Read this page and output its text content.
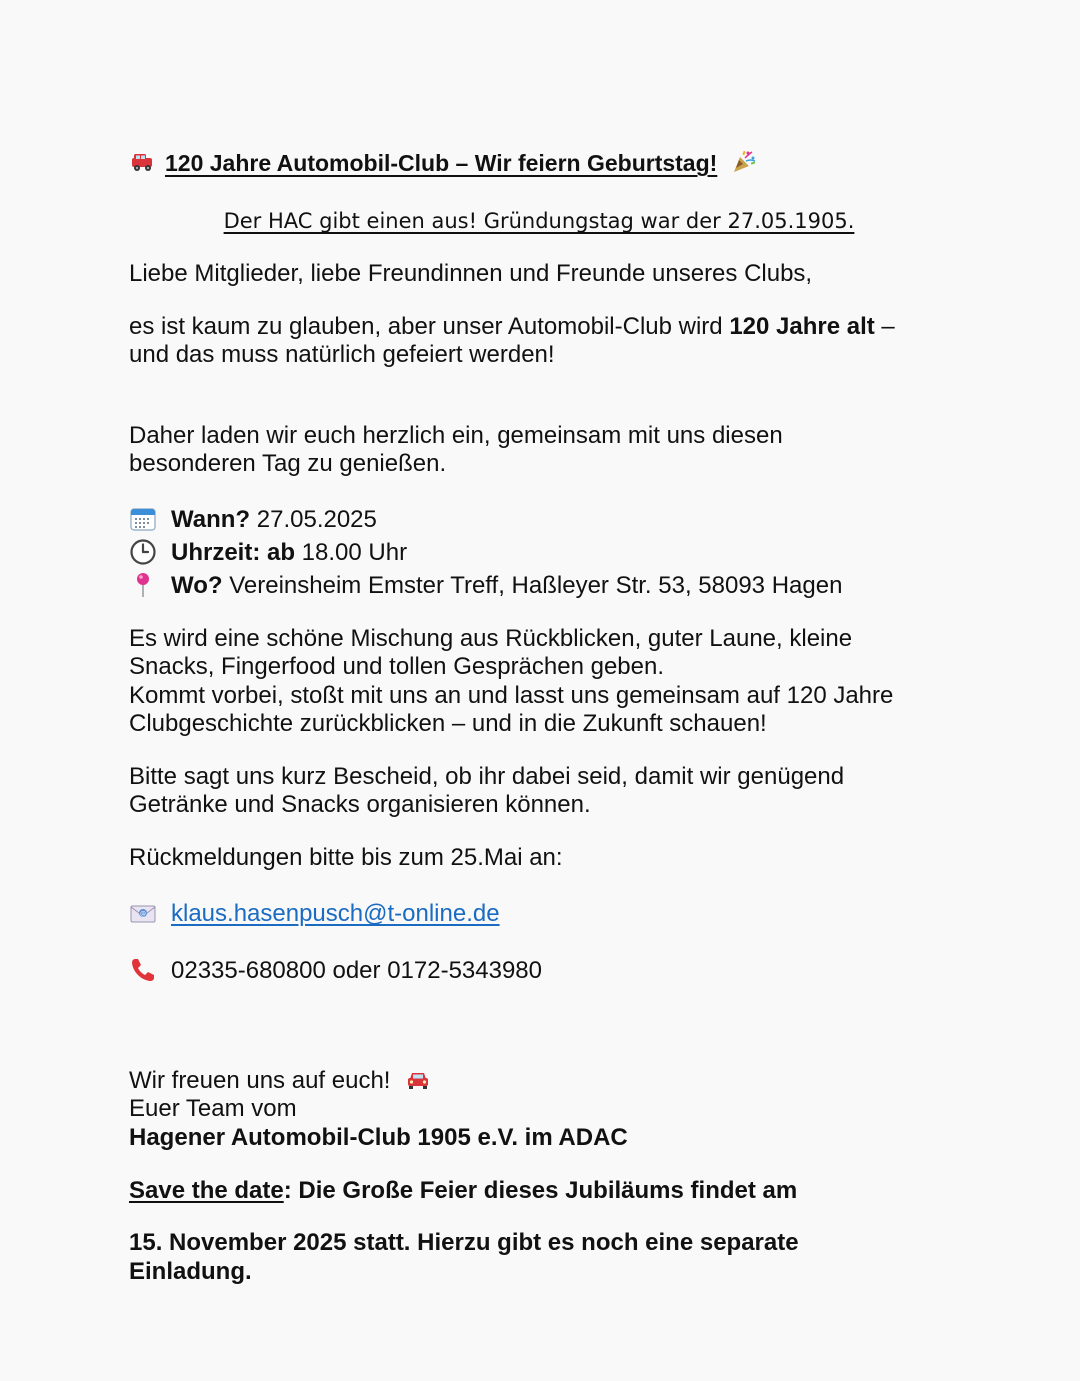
120 Jahre Automobil-Club – Wir feiern Geburtstag!
Der HAC gibt einen aus! Gründungstag war der 27.05.1905.
Liebe Mitglieder, liebe Freundinnen und Freunde unseres Clubs,
es ist kaum zu glauben, aber unser Automobil-Club wird 120 Jahre alt –
und das muss natürlich gefeiert werden!
Daher laden wir euch herzlich ein, gemeinsam mit uns diesen
besonderen Tag zu genießen.
Wann? 27.05.2025
Uhrzeit: ab 18.00 Uhr
Wo? Vereinsheim Emster Treff, Haßleyer Str. 53, 58093 Hagen
Es wird eine schöne Mischung aus Rückblicken, guter Laune, kleine
Snacks, Fingerfood und tollen Gesprächen geben.
Kommt vorbei, stoßt mit uns an und lasst uns gemeinsam auf 120 Jahre
Clubgeschichte zurückblicken – und in die Zukunft schauen!
Bitte sagt uns kurz Bescheid, ob ihr dabei seid, damit wir genügend
Getränke und Snacks organisieren können.
Rückmeldungen bitte bis zum 25.Mai an:
@ klaus.hasenpusch@t-online.de
02335-680800 oder 0172-5343980
Wir freuen uns auf euch!
Euer Team vom
Hagener Automobil-Club 1905 e.V. im ADAC
Save the date: Die Große Feier dieses Jubiläums findet am
15. November 2025 statt. Hierzu gibt es noch eine separate
Einladung.
